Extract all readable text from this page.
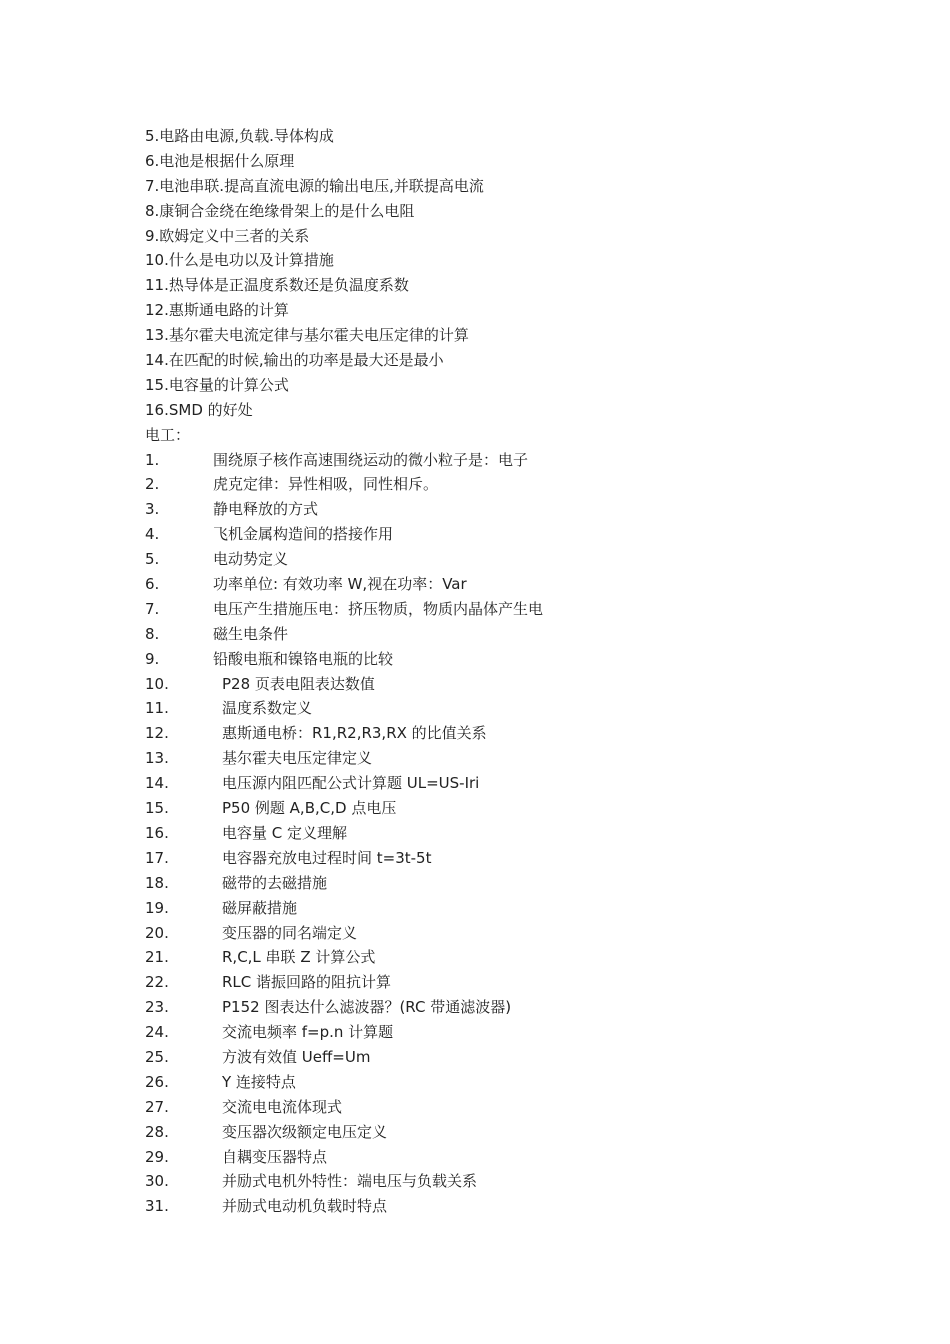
5.电路由电源,负载.导体构成
6.电池是根据什么原理
7.电池串联.提高直流电源的输出电压,并联提高电流
8.康铜合金绕在绝缘骨架上的是什么电阻
9.欧姆定义中三者的关系
10.什么是电功以及计算措施
11.热导体是正温度系数还是负温度系数
12.惠斯通电路的计算
13.基尔霍夫电流定律与基尔霍夫电压定律的计算
14.在匹配的时候,输出的功率是最大还是最小
15.电容量的计算公式
16.SMD 的好处
电工：
1.	围绕原子核作高速围绕运动的微小粒子是：电子
2.	虎克定律：异性相吸，同性相斥。
3.	静电释放的方式
4.	飞机金属构造间的搭接作用
5.	电动势定义
6.	功率单位: 有效功率 W,视在功率：Var
7.	电压产生措施压电：挤压物质，物质内晶体产生电
8.	磁生电条件
9.	铅酸电瓶和镍铬电瓶的比较
10.	P28 页表电阻表达数值
11.	温度系数定义
12.	惠斯通电桥：R1,R2,R3,RX 的比值关系
13.	基尔霍夫电压定律定义
14.	电压源内阻匹配公式计算题 UL=US-Iri
15.	P50 例题 A,B,C,D 点电压
16.	电容量 C 定义理解
17.	电容器充放电过程时间 t=3t-5t
18.	磁带的去磁措施
19.	磁屏蔽措施
20.	变压器的同名端定义
21.	R,C,L 串联 Z 计算公式
22.	RLC 谐振回路的阻抗计算
23.	P152 图表达什么滤波器？(RC 带通滤波器)
24.	交流电频率 f=p.n 计算题
25.	方波有效值 Ueff=Um
26.	Y 连接特点
27.	交流电电流体现式
28.	变压器次级额定电压定义
29.	自耦变压器特点
30.	并励式电机外特性：端电压与负载关系
31.	并励式电动机负载时特点
